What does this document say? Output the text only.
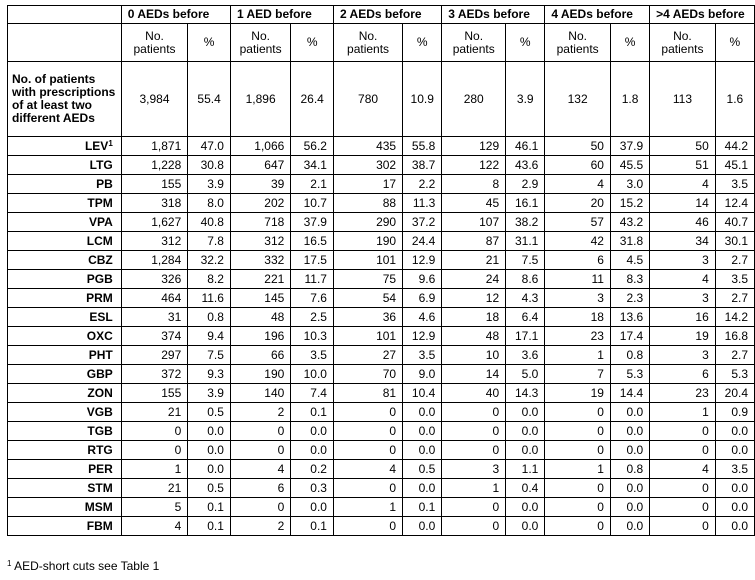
	0 AEDs before		1 AED before		2 AEDs before		3 AEDs before		4 AEDs before		>4 AEDs before	
	No. patients	%	No. patients	%	No. patients	%	No. patients	%	No. patients	%	No. patients	%
No. of patients with prescriptions of at least two different AEDs	3,984	55.4	1,896	26.4	780	10.9	280	3.9	132	1.8	113	1.6
LEV$^1$	1,871	47.0	1,066	56.2	435	55.8	129	46.1	50	37.9	50	44.2
LTG	1,228	30.8	647	34.1	302	38.7	122	43.6	60	45.5	51	45.1
PB	155	3.9	39	2.1	17	2.2	8	2.9	4	3.0	4	3.5
TPM	318	8.0	202	10.7	88	11.3	45	16.1	20	15.2	14	12.4
VPA	1,627	40.8	718	37.9	290	37.2	107	38.2	57	43.2	46	40.7
LCM	312	7.8	312	16.5	190	24.4	87	31.1	42	31.8	34	30.1
CBZ	1,284	32.2	332	17.5	101	12.9	21	7.5	6	4.5	3	2.7
PGB	326	8.2	221	11.7	75	9.6	24	8.6	11	8.3	4	3.5
PRM	464	11.6	145	7.6	54	6.9	12	4.3	3	2.3	3	2.7
ESL	31	0.8	48	2.5	36	4.6	18	6.4	18	13.6	16	14.2
OXC	374	9.4	196	10.3	101	12.9	48	17.1	23	17.4	19	16.8
PHT	297	7.5	66	3.5	27	3.5	10	3.6	1	0.8	3	2.7
GBP	372	9.3	190	10.0	70	9.0	14	5.0	7	5.3	6	5.3
ZON	155	3.9	140	7.4	81	10.4	40	14.3	19	14.4	23	20.4
VGB	21	0.5	2	0.1	0	0.0	0	0.0	0	0.0	1	0.9
TGB	0	0.0	0	0.0	0	0.0	0	0.0	0	0.0	0	0.0
RTG	0	0.0	0	0.0	0	0.0	0	0.0	0	0.0	0	0.0
PER	1	0.0	4	0.2	4	0.5	3	1.1	1	0.8	4	3.5
STM	21	0.5	6	0.3	0	0.0	1	0.4	0	0.0	0	0.0
MSM	5	0.1	0	0.0	1	0.1	0	0.0	0	0.0	0	0.0
FBM	4	0.1	2	0.1	0	0.0	0	0.0	0	0.0	0	0.0
$^1$ AED-short cuts see Table 1
